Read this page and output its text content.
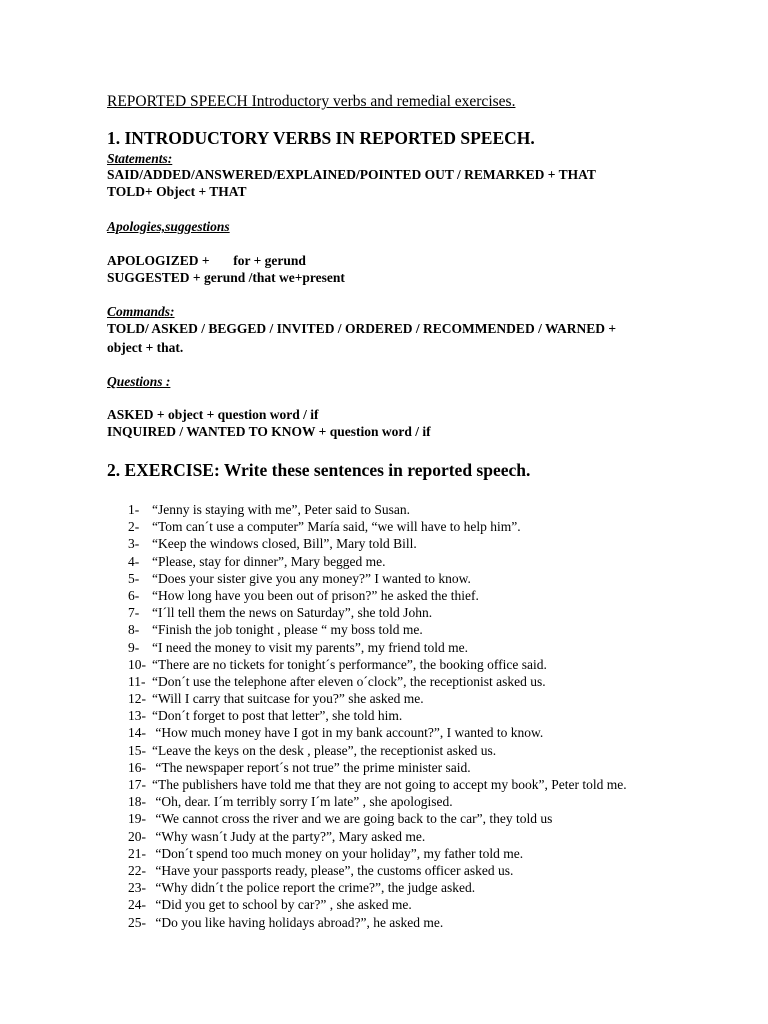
REPORTED SPEECH Introductory verbs and remedial exercises.
1. INTRODUCTORY VERBS IN REPORTED SPEECH.
Statements:
SAID/ADDED/ANSWERED/EXPLAINED/POINTED OUT / REMARKED + THAT
TOLD+ Object + THAT
Apologies,suggestions
APOLOGIZED +       for + gerund
SUGGESTED + gerund /that we+present
Commands:
TOLD/ ASKED / BEGGED / INVITED / ORDERED / RECOMMENDED / WARNED +
object + that.
Questions :
ASKED + object + question word / if
INQUIRED / WANTED TO KNOW + question word / if
2. EXERCISE: Write these sentences in reported speech.
1- “Jenny is staying with me”, Peter said to Susan.
2- “Tom can´t use a computer” María said, “we will have to help him”.
3- “Keep the windows closed, Bill”, Mary told Bill.
4- “Please, stay for dinner”, Mary begged me.
5- “Does your sister give you any money?” I wanted to know.
6- “How long have you been out of prison?” he asked the thief.
7- “I´ll tell them the news on Saturday”, she told John.
8- “Finish the job tonight , please “ my boss told me.
9- “I need the money to visit my parents”, my friend told me.
10- “There are no tickets for tonight´s performance”, the booking office said.
11- “Don´t use the telephone after eleven o´clock”, the receptionist asked us.
12- “Will I carry that suitcase for you?” she asked me.
13- “Don´t forget to post that letter”, she told him.
14- “How much money have I got in my bank account?”, I wanted to know.
15- “Leave the keys on the desk , please”, the receptionist asked us.
16- “The newspaper report´s not true” the prime minister said.
17- “The publishers have told me that they are not going to accept my book”, Peter told me.
18- “Oh, dear. I´m terribly sorry I´m late” , she apologised.
19- “We cannot cross the river and we are going back to the car”, they told us
20- “Why wasn´t Judy at the party?”, Mary asked me.
21- “Don´t spend too much money on your holiday”, my father told me.
22- “Have your passports ready, please”, the customs officer asked us.
23- “Why didn´t the police report the crime?”, the judge asked.
24- “Did you get to school by car?” , she asked me.
25- “Do you like having holidays abroad?”, he asked me.
